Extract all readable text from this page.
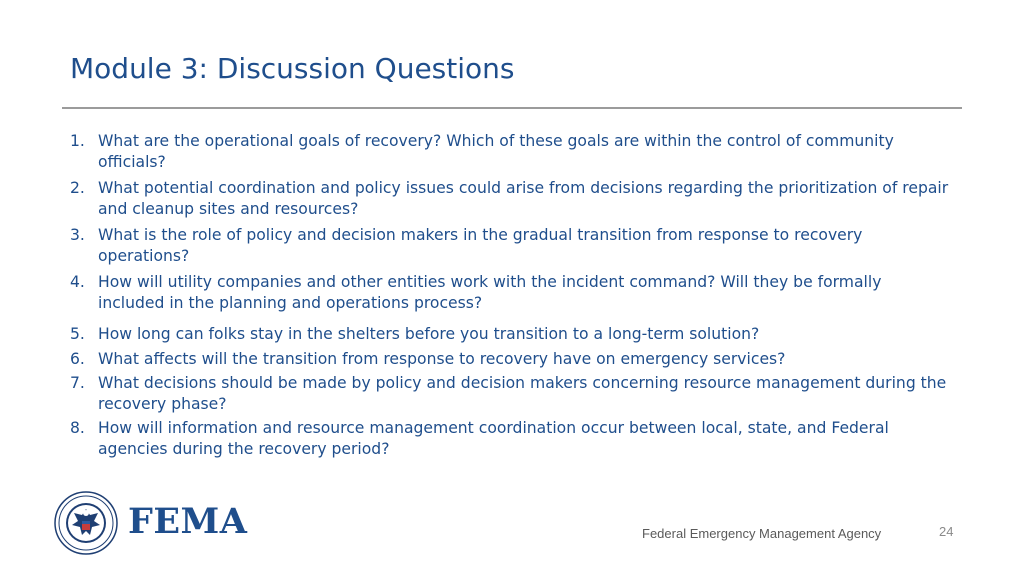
Module 3: Discussion Questions
1. What are the operational goals of recovery? Which of these goals are within the control of community officials?
2. What potential coordination and policy issues could arise from decisions regarding the prioritization of repair and cleanup sites and resources?
3. What is the role of policy and decision makers in the gradual transition from response to recovery operations?
4. How will utility companies and other entities work with the incident command? Will they be formally included in the planning and operations process?
5. How long can folks stay in the shelters before you transition to a long-term solution?
6. What affects will the transition from response to recovery have on emergency services?
7. What decisions should be made by policy and decision makers concerning resource management during the recovery phase?
8. How will information and resource management coordination occur between local, state, and Federal agencies during the recovery period?
FEMA	Federal Emergency Management Agency	24
